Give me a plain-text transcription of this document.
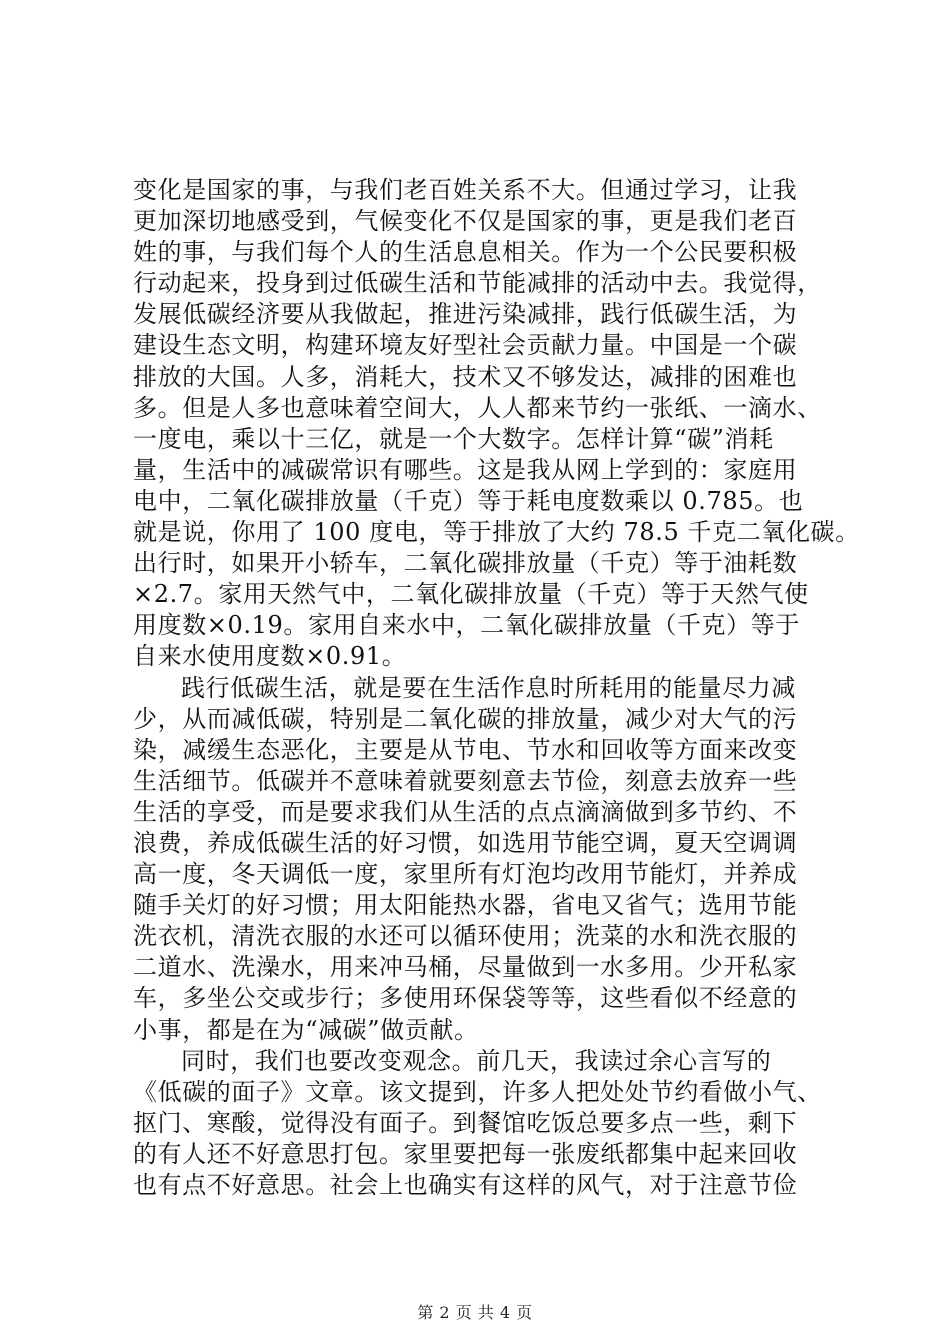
变化是国家的事，与我们老百姓关系不大。但通过学习，让我
更加深切地感受到，气候变化不仅是国家的事，更是我们老百
姓的事，与我们每个人的生活息息相关。作为一个公民要积极
行动起来，投身到过低碳生活和节能减排的活动中去。我觉得，
发展低碳经济要从我做起，推进污染减排，践行低碳生活，为
建设生态文明，构建环境友好型社会贡献力量。中国是一个碳
排放的大国。人多，消耗大，技术又不够发达，减排的困难也
多。但是人多也意味着空间大，人人都来节约一张纸、一滴水、
一度电，乘以十三亿，就是一个大数字。怎样计算“碳”消耗
量，生活中的减碳常识有哪些。这是我从网上学到的：家庭用
电中，二氧化碳排放量（千克）等于耗电度数乘以 0.785。也
就是说，你用了 100 度电，等于排放了大约 78.5 千克二氧化碳。
出行时，如果开小轿车，二氧化碳排放量（千克）等于油耗数
×2.7。家用天然气中，二氧化碳排放量（千克）等于天然气使
用度数×0.19。家用自来水中，二氧化碳排放量（千克）等于
自来水使用度数×0.91。
践行低碳生活，就是要在生活作息时所耗用的能量尽力减
少，从而减低碳，特别是二氧化碳的排放量，减少对大气的污
染，减缓生态恶化，主要是从节电、节水和回收等方面来改变
生活细节。低碳并不意味着就要刻意去节俭，刻意去放弃一些
生活的享受，而是要求我们从生活的点点滴滴做到多节约、不
浪费，养成低碳生活的好习惯，如选用节能空调，夏天空调调
高一度，冬天调低一度，家里所有灯泡均改用节能灯，并养成
随手关灯的好习惯；用太阳能热水器，省电又省气；选用节能
洗衣机，清洗衣服的水还可以循环使用；洗菜的水和洗衣服的
二道水、洗澡水，用来冲马桶，尽量做到一水多用。少开私家
车，多坐公交或步行；多使用环保袋等等，这些看似不经意的
小事，都是在为“减碳”做贡献。
同时，我们也要改变观念。前几天，我读过余心言写的
《低碳的面子》文章。该文提到，许多人把处处节约看做小气、
抠门、寒酸，觉得没有面子。到餐馆吃饭总要多点一些，剩下
的有人还不好意思打包。家里要把每一张废纸都集中起来回收
也有点不好意思。社会上也确实有这样的风气，对于注意节俭
第 2 页 共 4 页
